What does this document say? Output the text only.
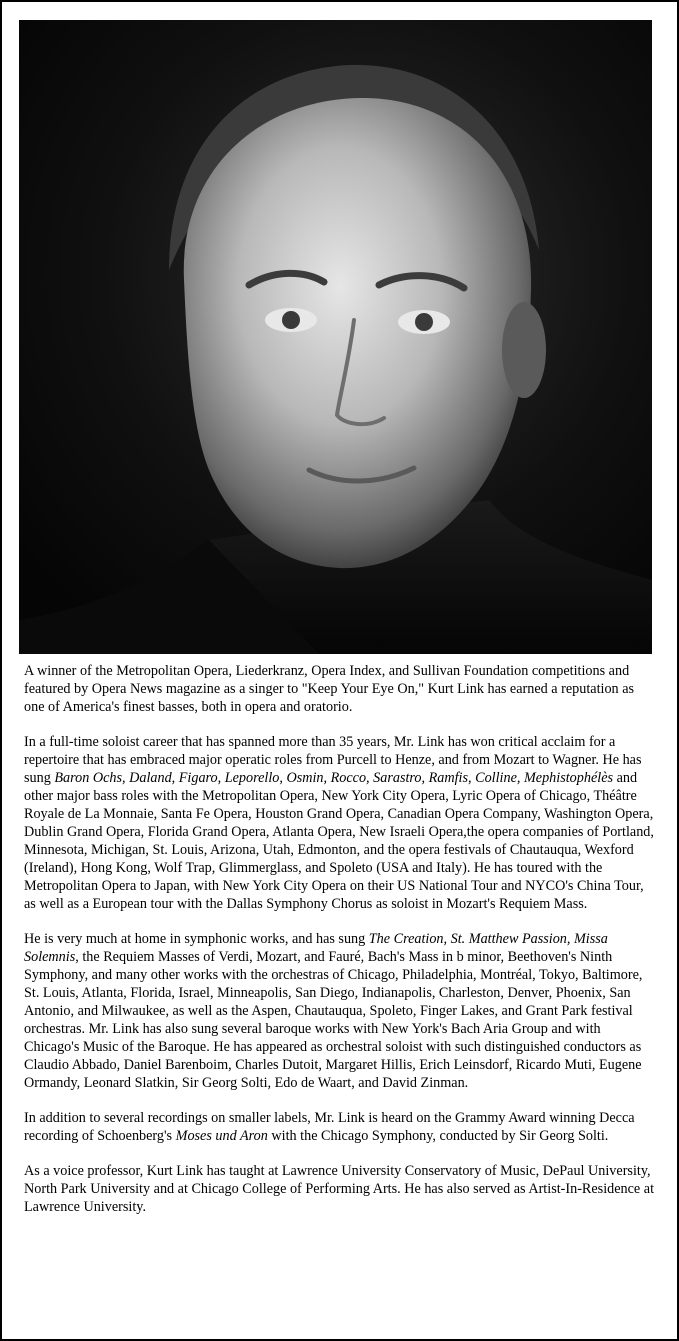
A winner of the Metropolitan Opera, Liederkranz, Opera Index, and Sullivan Foundation competitions and featured by Opera News magazine as a singer to "Keep Your Eye On," Kurt Link has earned a reputation as one of America's finest basses, both in opera and oratorio.

In a full-time soloist career that has spanned more than 35 years, Mr. Link has won critical acclaim for a repertoire that has embraced major operatic roles from Purcell to Henze, and from Mozart to Wagner. He has sung Baron Ochs, Daland, Figaro, Leporello, Osmin, Rocco, Sarastro, Ramfis, Colline, Mephistophélès and other major bass roles with the Metropolitan Opera, New York City Opera, Lyric Opera of Chicago, Théâtre Royale de La Monnaie, Santa Fe Opera, Houston Grand Opera, Canadian Opera Company, Washington Opera, Dublin Grand Opera, Florida Grand Opera, Atlanta Opera, New Israeli Opera,the opera companies of Portland, Minnesota, Michigan, St. Louis, Arizona, Utah, Edmonton, and the opera festivals of Chautauqua, Wexford (Ireland), Hong Kong, Wolf Trap, Glimmerglass, and Spoleto (USA and Italy). He has toured with the Metropolitan Opera to Japan, with New York City Opera on their US National Tour and NYCO's China Tour, as well as a European tour with the Dallas Symphony Chorus as soloist in Mozart's Requiem Mass.

He is very much at home in symphonic works, and has sung The Creation, St. Matthew Passion, Missa Solemnis, the Requiem Masses of Verdi, Mozart, and Fauré, Bach's Mass in b minor, Beethoven's Ninth Symphony, and many other works with the orchestras of Chicago, Philadelphia, Montréal, Tokyo, Baltimore, St. Louis, Atlanta, Florida, Israel, Minneapolis, San Diego, Indianapolis, Charleston, Denver, Phoenix, San Antonio, and Milwaukee, as well as the Aspen, Chautauqua, Spoleto, Finger Lakes, and Grant Park festival orchestras. Mr. Link has also sung several baroque works with New York's Bach Aria Group and with Chicago's Music of the Baroque. He has appeared as orchestral soloist with such distinguished conductors as Claudio Abbado, Daniel Barenboim, Charles Dutoit, Margaret Hillis, Erich Leinsdorf, Ricardo Muti, Eugene Ormandy, Leonard Slatkin, Sir Georg Solti, Edo de Waart, and David Zinman.

In addition to several recordings on smaller labels, Mr. Link is heard on the Grammy Award winning Decca recording of Schoenberg's Moses und Aron with the Chicago Symphony, conducted by Sir Georg Solti.

As a voice professor, Kurt Link has taught at Lawrence University Conservatory of Music, DePaul University, North Park University and at Chicago College of Performing Arts. He has also served as Artist-In-Residence at Lawrence University.
